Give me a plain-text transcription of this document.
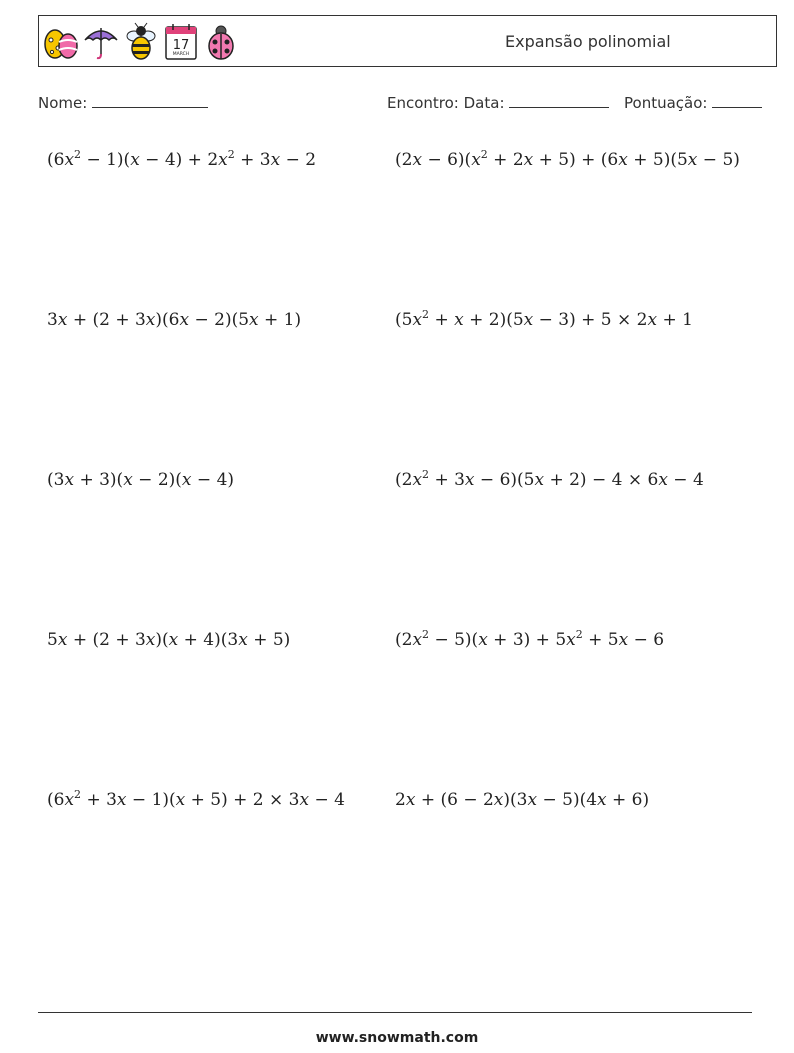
17
MARCH
Expansão polinomial
Nome:	Encontro: Data:	Pontuação:
$(6x^2 - 1)(x - 4) + 2x^2 + 3x - 2$	$(2x - 6)(x^2 + 2x + 5) + (6x + 5)(5x - 5)$
3x + (2 + 3x)(6x − 2)(5x + 1)	$(5x^2 + x + 2)(5x - 3) + 5 \times 2x + 1$
(3x + 3)(x − 2)(x − 4)	$(2x^2 + 3x - 6)(5x + 2) - 4 \times 6x - 4$
5x + (2 + 3x)(x + 4)(3x + 5)	$(2x^2 - 5)(x + 3) + 5x^2 + 5x - 6$
$(6x^2 + 3x - 1)(x + 5) + 2 \times 3x - 4$	2x + (6 − 2x)(3x − 5)(4x + 6)
www.snowmath.com
